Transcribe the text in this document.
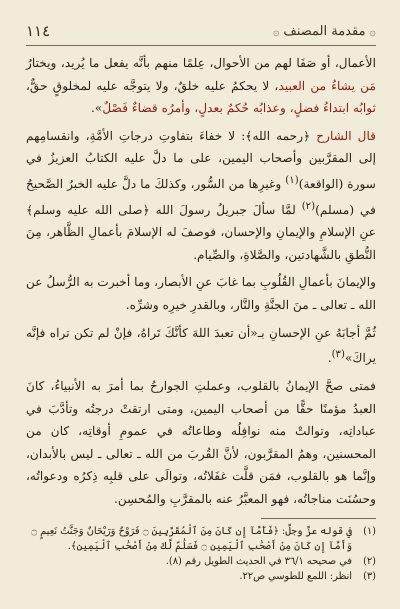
۞
مقدمة المصنف
۞
١١٤

الأعمال، أو صَفَا لهم من الأحوال، عِلمًا منهم بأنَّه يفعل ما يُريد، ويختارُ مَن يشاءُ من العبيد، لا يحكمُ عليه خلقٌ، ولا يتوجَّه عليه لمخلوقٍ حقٌّ، ثوابُه ابتداءُ فضلٍ، وعذابُه حُكمٌ بعدلٍ، وأمرُه قضاءٌ فَصْلٌ».

قال الشارح ﴿رحمه الله﴾: لا خفاءَ بتفاوتِ درجاتِ الأمَّةِ، وانقسامِهم إلى المقرَّبين وأصحاب اليمين، على ما دلَّ عليه الكتابُ العزيزُ في سورة (الواقعة)$^{(١)}$ وغيرِها من السُّور، وكذلكَ ما دلَّ عليه الخبرُ الصَّحيحُ في (مسلم)$^{(٢)}$ لمَّا سألَ جبريلُ رسولَ الله ﴿صلى الله عليه وسلم﴾ عنِ الإسلامِ والإيمانِ والإحسان، فوصفَ له الإسلامَ بأعمالِ الظَّاهر، مِنَ النُّطقِ بالشَّهادتين، والصَّلاةِ، والصِّيام.

والإيمانَ بأعمالِ القُلُوبِ بما غابَ عنِ الأبصار، وما أخبرت به الرُّسلُ عن الله ـ تعالى ـ منَ الجنَّةِ والنَّار، وبالقدرِ خيرِه وشرِّه.

ثُمَّ أجابَهُ عنِ الإحسانِ بـ«أن تعبدَ اللهَ كأنَّكَ تَراهُ، فإنْ لم تكن تراه فإنَّه يراكَ»$^{(٣)}$.

فمتى صحَّ الإيمانُ بالقلوب، وعملتِ الجوارحُ بما أمرَ به الأنبياءُ، كانَ العبدُ مؤمنًا حقًّا من أصحاب اليمين، ومتى ارتقتْ درجتُه وتأدَّبَ في عباداتِه، وتوالتْ منه نوافِلُه وطاعاتُه في عمومِ أوقاتِه، كان من المحسنين، وهمُ المقرَّبون، لأنَّ القُربَ من الله ـ تعالى ـ ليس بالأبدان، وإنَّما هو بالقلوب، فمَن قلَّت غفَلاتُه، وتوالَى على قلبِه ذِكرُه ودعواتُه، وحسُنَت مناجاتُه، فهو المعبَّرُ عنه بالمقرَّبِ والمُحسِن.

(١)
في قوله عزَّ وجلَّ: ﴿فَأَمَّآ إِن كَانَ مِنَ ٱلْمُقَرَّبِينَ ۝ فَرَوْحٌ وَرَيْحَانٌ وَجَنَّتُ نَعِيمٍ ۝ وَأَمَّآ إِن كَانَ مِنْ أَصْحَٰبِ ٱلْيَمِينِ ۝ فَسَلَٰمٌ لَّكَ مِنْ أَصْحَٰبِ ٱلْيَمِينِ﴾.

(٢)
في صحيحه ٣٦/١ في الحديث الطويل رقم (٨).

(٣)
انظر: اللمع للطوسي ص٢٢.
